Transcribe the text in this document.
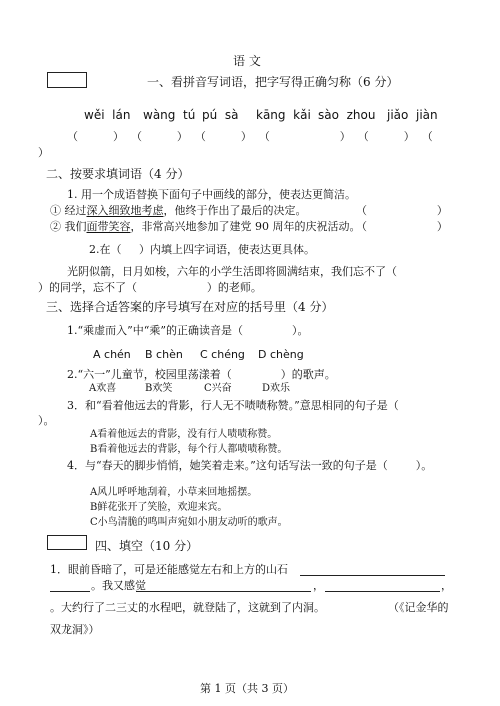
语 文
一、看拼音写词语，把字写得正确匀称（6 分）
wěi  lán wàng  tú pú  sà kāng  kǎi sào  zhou jiǎo  jiàn
（          ）  （          ）  （          ）  （                    ）  （          ）  （
）
二、按要求填词语（4 分）
1. 用一个成语替换下面句子中画线的部分，使表达更简洁。
① 经过深入细致地考虑，他终于作出了最后的决定。	（                    ）
② 我们面带笑容，非常高兴地参加了建党 90 周年的庆祝活动。
（                    ）
2.在（     ）内填上四字词语，使表达更具体。
光阴似箭，日月如梭，六年的小学生活即将圆满结束，我们忘不了（
）的同学，忘不了（                    ）的老师。
三、选择合适答案的序号填写在对应的括号里（4 分）
1.“乘虚而入”中“乘”的正确读音是（              ）。
A chén B chèn C chéng D chèng
2.“六一”儿童节，校园里荡漾着（              ）的歌声。
A欢喜	B欢笑	C兴奋	D欢乐
3．和“看着他远去的背影，行人无不啧啧称赞。”意思相同的句子是（
）。
A看着他远去的背影，没有行人啧啧称赞。
B看着他远去的背影，每个行人都啧啧称赞。
4．与“春天的脚步悄悄，她笑着走来。”这句话写法一致的句子是（        ）。
A风儿呼呼地刮着，小草来回地摇摆。
B鲜花张开了笑脸，欢迎来宾。
C小鸟清脆的鸣叫声宛如小朋友动听的歌声。
四、填空（10 分）
1．眼前昏暗了，可是还能感觉左右和上方的山石
。我又感觉	，	，
。大约行了二三丈的水程吧，就登陆了，这就到了内洞。	（《记金华的
双龙洞》）
第 1 页（共 3 页）
